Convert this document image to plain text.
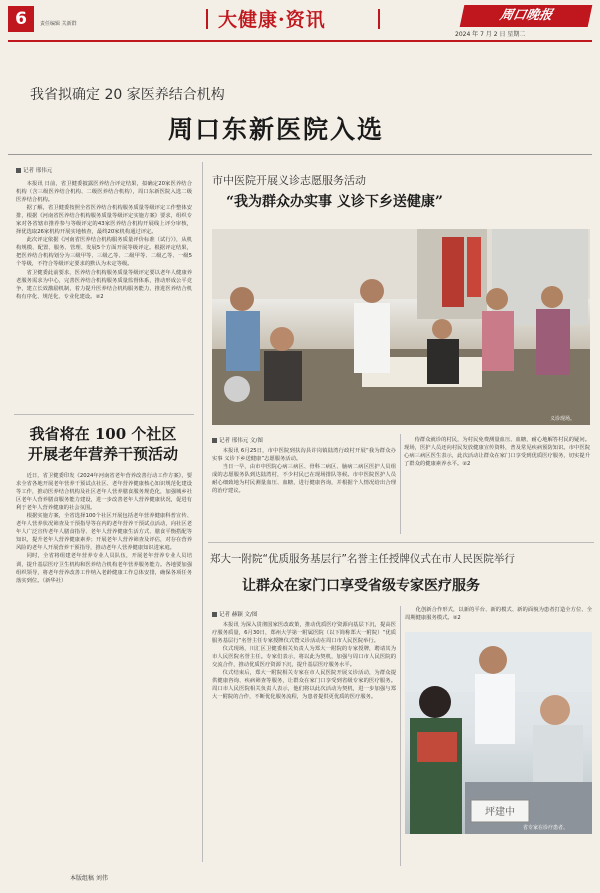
6	责任编辑 关新群	大健康·资讯	周口晚报
2024 年 7 月 2 日 星期二
我省拟确定 20 家医养结合机构
周口东新医院入选
记者 邢伟元

本报讯 日前，省卫健委披露医养结合评定结果，拟确定20家医养结合机构（含三级医养结合机构、二级医养结合机构），周口东新医院入选二级医养结合机构。

据了解，省卫健委按照全省医养结合机构服务质量等级评定工作整体安排，根据《河南省医养结合机构服务质量等级评定实施方案》要求，组织专家对各省辖市推荐参与等级评定的43家医养结合机构开展线上评分审核，择优选取26家机构开展实地核查，最终20家机构通过评定。

此次评定依据《河南省医养结合机构服务质量评价标准（试行）》，从机构规模、配置、服务、管理、发展5个方面开展等级评定。根据评定结果，把医养结合机构划分为三级甲等、三级乙等、二级甲等、二级乙等、一级5个等级，不符合等级评定要求的默认为未定等级。

省卫健委此前要求，医养结合机构服务质量等级评定要以老年人健康养老服务需求为中心，完善医养结合机构服务质量监督体系，推动形成公平竞争，建立长效激励机制，着力提升医养结合机构服务能力，推进医养结合机构有序化、规范化、专业化建设。②2

我省将在 100 个社区
开展老年营养干预活动

近日，省卫健委印发《2024年河南省老年营养改善行动工作方案》，要求全省各地开展老年营养干预试点社区、老年营养健康核心知识规范化建设等工作，推动医养结合机构及社区老年人营养膳食服务规范化，加强城乡社区老年人营养膳食服务能力建设，进一步改善老年人营养健康状况，促进有利于老年人营养健康的社会氛围。

根据实施方案，全省选择100个社区开展包括老年营养健康科普宣传、老年人营养状况筛查及干预指导等在内的老年营养干预试点活动，向社区老年人广泛宣传老年人膳食指导、老年人营养健康生活方式、膳食平衡搭配等知识，提升老年人营养健康素养；开展老年人营养筛查及评估，对存在营养风险的老年人开展营养干预指导，推动老年人营养健康知识进家庭。

同时，全省将组建老年营养专业人员队伍，开展老年营养专业人员培训，提升基层医疗卫生机构和医养结合机构老年营养服务能力。各地要加强组织领导，将老年营养改善工作纳入老龄健康工作总体安排，确保各项任务落实到位。（新华社）

市中医院开展义诊志愿服务活动
“我为群众办实事 义诊下乡送健康”
义诊现场。
记者 邢伟元 文/图

本报讯 6月25日，市中医院到扶沟县许岗镇陆湾行政村开展“我为群众办实事 义诊下乡送健康”志愿服务活动。

当日一早，由市中医院心病三病区、骨科二病区、脑病二病区医护人员组成的志愿服务队到达陆湾村，不少村民已在现场排队等候。市中医院医护人员耐心细致地为村民测量血压、血糖，进行健康咨询，并根据个人情况给出合理的治疗建议。

侍群众就诊的村民，为村民免费测量血压、血糖，耐心地解答村民的疑问。现场，医护人员还向村民发放健康宣传资料，普及常见疾病预防知识。市中医院心病三病区医生表示，此次活动让群众在家门口享受到优质医疗服务，切实提升了群众的健康素养水平。②2

郑大一附院“优质服务基层行”名誉主任授牌仪式在市人民医院举行
让群众在家门口享受省级专家医疗服务
记者 赫颖 文/图

本报讯 为深入贯彻国家医改政策，推动优质医疗资源向基层下沉，提高医疗服务质量，6月30日，郑州大学第一附属医院（以下简称郑大一附院）“优质服务基层行”名誉主任专家授牌仪式暨义诊活动在周口市人民医院举行。

仪式现场，川汇区卫健委相关负责人为郑大一附院的专家授牌，聘请其为市人民医院名誉主任。专家们表示，将以此为契机，加强与周口市人民医院的交流合作，推动优质医疗资源下沉，提升基层医疗服务水平。

仪式结束后，郑大一附院相关专家在市人民医院开展义诊活动，为群众提供健康咨询、疾病筛查等服务，让群众在家门口享受到省级专家的医疗服务。周口市人民医院相关负责人表示，他们将以此次活动为契机，进一步加强与郑大一附院的合作，不断优化服务流程，为患者提供更优质的医疗服务。

化创新合作形式，以新的平台、新的模式、新的面貌为患者打造全方位、全周期健康服务模式。②2

坪建中
省专家在诊疗患者。
本版组稿 刘伟
